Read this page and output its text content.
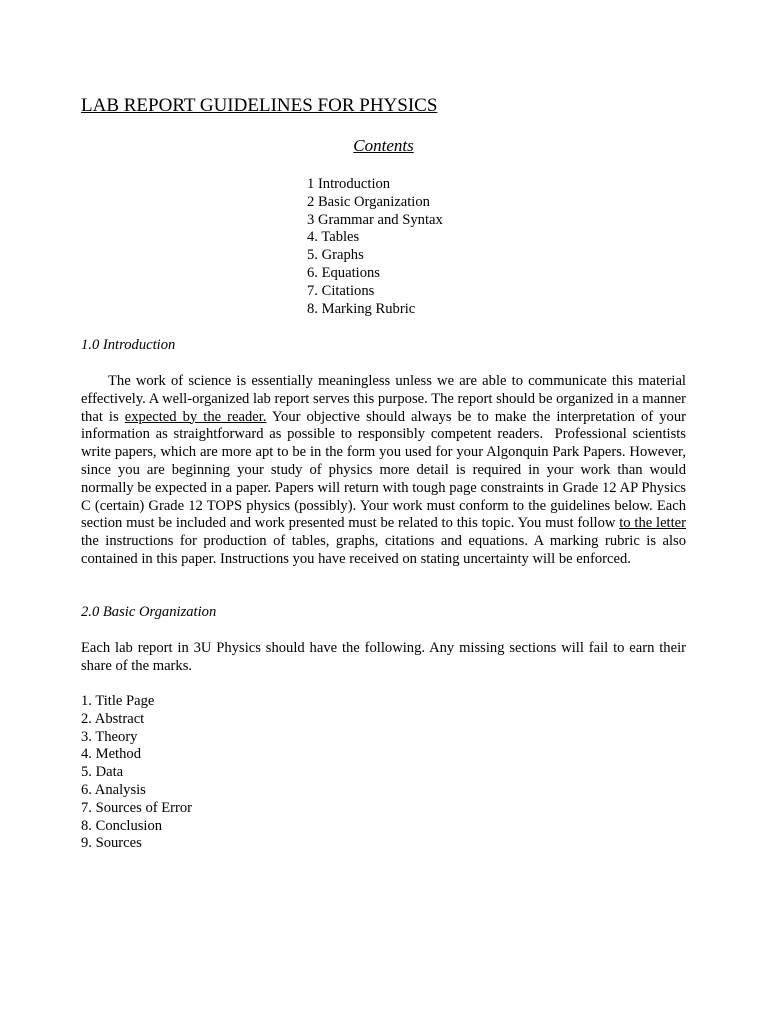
LAB REPORT GUIDELINES FOR PHYSICS
Contents
1 Introduction
2 Basic Organization
3 Grammar and Syntax
4. Tables
5. Graphs
6. Equations
7. Citations
8. Marking Rubric
1.0 Introduction

The work of science is essentially meaningless unless we are able to communicate this material effectively. A well-organized lab report serves this purpose. The report should be organized in a manner that is expected by the reader. Your objective should always be to make the interpretation of your information as straightforward as possible to responsibly competent readers.  Professional scientists write papers, which are more apt to be in the form you used for your Algonquin Park Papers. However, since you are beginning your study of physics more detail is required in your work than would normally be expected in a paper. Papers will return with tough page constraints in Grade 12 AP Physics C (certain) Grade 12 TOPS physics (possibly). Your work must conform to the guidelines below. Each section must be included and work presented must be related to this topic. You must follow to the letter the instructions for production of tables, graphs, citations and equations. A marking rubric is also contained in this paper. Instructions you have received on stating uncertainty will be enforced.

2.0 Basic Organization

Each lab report in 3U Physics should have the following. Any missing sections will fail to earn their share of the marks.

1. Title Page
2. Abstract
3. Theory
4. Method
5. Data
6. Analysis
7. Sources of Error
8. Conclusion
9. Sources
